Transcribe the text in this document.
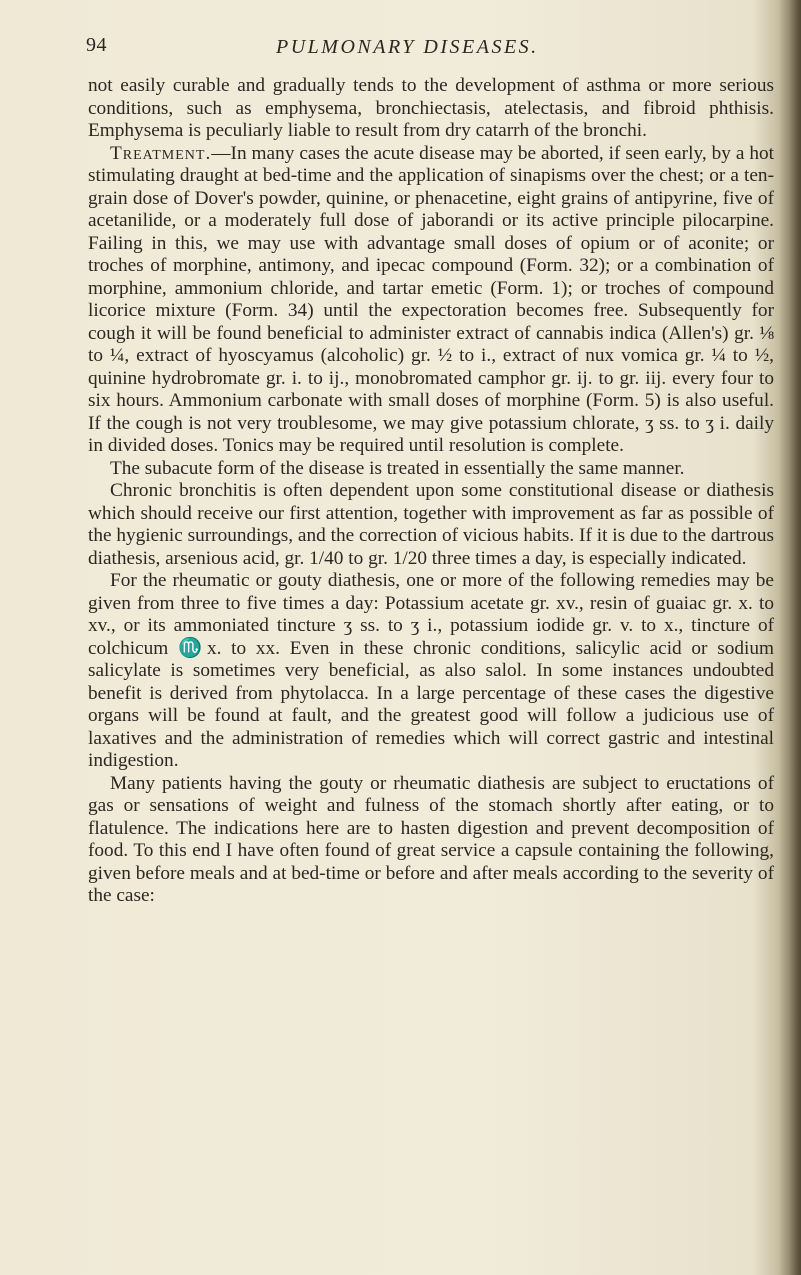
94	PULMONARY DISEASES.

not easily curable and gradually tends to the development of asthma or more serious conditions, such as emphysema, bronchiectasis, atelectasis, and fibroid phthisis. Emphysema is peculiarly liable to result from dry catarrh of the bronchi.

Treatment.—In many cases the acute disease may be aborted, if seen early, by a hot stimulating draught at bed-time and the application of sinapisms over the chest; or a ten-grain dose of Dover's powder, quinine, or phenacetine, eight grains of antipyrine, five of acetanilide, or a moderately full dose of jaborandi or its active principle pilocarpine. Failing in this, we may use with advantage small doses of opium or of aconite; or troches of morphine, antimony, and ipecac compound (Form. 32); or a combination of morphine, ammonium chloride, and tartar emetic (Form. 1); or troches of compound licorice mixture (Form. 34) until the expectoration becomes free. Subsequently for cough it will be found beneficial to administer extract of cannabis indica (Allen's) gr. ⅛ to ¼, extract of hyoscyamus (alcoholic) gr. ½ to i., extract of nux vomica gr. ¼ to ½, quinine hydrobromate gr. i. to ij., monobromated camphor gr. ij. to gr. iij. every four to six hours. Ammonium carbonate with small doses of morphine (Form. 5) is also useful. If the cough is not very troublesome, we may give potassium chlorate, ʒ ss. to ʒ i. daily in divided doses. Tonics may be required until resolution is complete.

The subacute form of the disease is treated in essentially the same manner.

Chronic bronchitis is often dependent upon some constitutional disease or diathesis which should receive our first attention, together with improvement as far as possible of the hygienic surroundings, and the correction of vicious habits. If it is due to the dartrous diathesis, arsenious acid, gr. 1/40 to gr. 1/20 three times a day, is especially indicated.

For the rheumatic or gouty diathesis, one or more of the following remedies may be given from three to five times a day: Potassium acetate gr. xv., resin of guaiac gr. x. to xv., or its ammoniated tincture ʒ ss. to ʒ i., potassium iodide gr. v. to x., tincture of colchicum ♏x. to xx. Even in these chronic conditions, salicylic acid or sodium salicylate is sometimes very beneficial, as also salol. In some instances undoubted benefit is derived from phytolacca. In a large percentage of these cases the digestive organs will be found at fault, and the greatest good will follow a judicious use of laxatives and the administration of remedies which will correct gastric and intestinal indigestion.

Many patients having the gouty or rheumatic diathesis are subject to eructations of gas or sensations of weight and fulness of the stomach shortly after eating, or to flatulence. The indications here are to hasten digestion and prevent decomposition of food. To this end I have often found of great service a capsule containing the following, given before meals and at bed-time or before and after meals according to the severity of the case:
